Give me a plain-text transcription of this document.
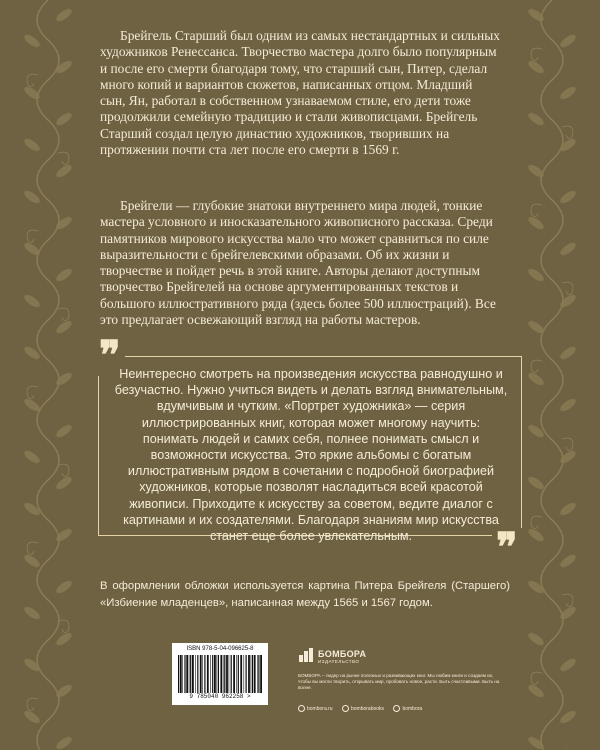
Брейгель Старший был одним из самых нестандартных и сильных художников Ренессанса. Творчество мастера долго было популярным и после его смерти благодаря тому, что старший сын, Питер, сделал много копий и вариантов сюжетов, написанных отцом. Младший сын, Ян, работал в собственном узнаваемом стиле, его дети тоже продолжили семейную традицию и стали живописцами. Брейгель Старший создал целую династию художников, творивших на протяжении почти ста лет после его смерти в 1569 г.
Брейгели — глубокие знатоки внутреннего мира людей, тонкие мастера условного и иносказательного живописного рассказа. Среди памятников мирового искусства мало что может сравниться по силе выразительности с брейгелевскими образами. Об их жизни и творчестве и пойдет речь в этой книге. Авторы делают доступным творчество Брейгелей на основе аргументированных текстов и большого иллюстративного ряда (здесь более 500 иллюстраций). Все это предлагает освежающий взгляд на работы мастеров.
❞
❞
Неинтересно смотреть на произведения искусства равнодушно и безучастно. Нужно учиться видеть и делать взгляд внимательным, вдумчивым и чутким. «Портрет художника» — серия иллюстрированных книг, которая может многому научить: понимать людей и самих себя, полнее понимать смысл и возможности искусства. Это яркие альбомы с богатым иллюстративным рядом в сочетании с подробной биографией художников, которые позволят насладиться всей красотой живописи. Приходите к искусству за советом, ведите диалог с картинами и их создателями. Благодаря знаниям мир искусства станет еще более увлекательным.
В оформлении обложки используется картина Питера Брейгеля (Старшего) «Избиение младенцев», написанная между 1565 и 1567 годом.
ISBN 978-5-04-096625-8
9 785040 962258 >
БОМБОРА
ИЗДАТЕЛЬСТВО
БОМБОРА – лидер на рынке полезных и развивающих книг. Мы любим книги и создаем их, чтобы вы могли творить, открывать мир, пробовать новое, расти. Быть счастливыми. Быть на волне.
bombora.ru	bomborabooks	bombora
